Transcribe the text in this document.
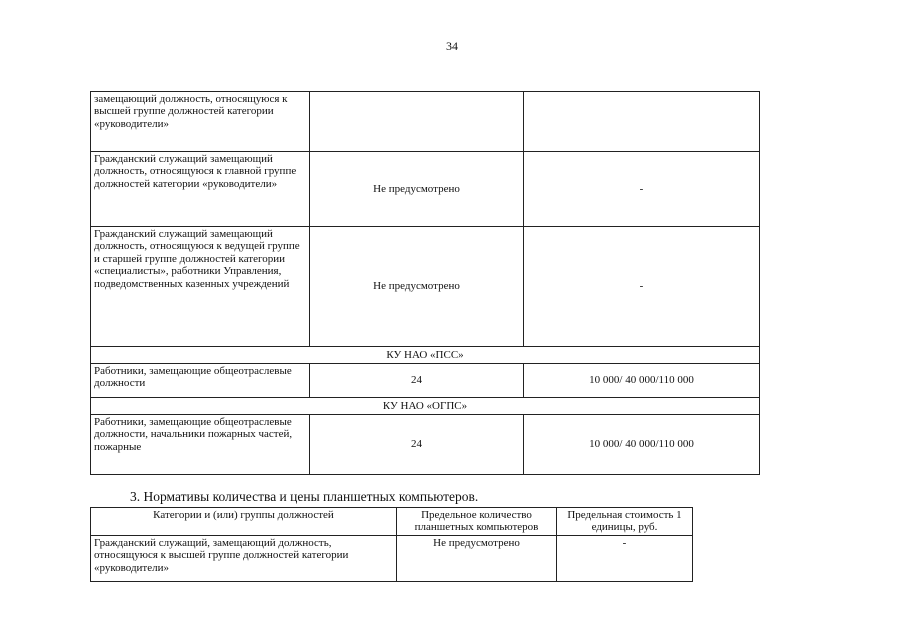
34
замещающий должность, относящуюся к высшей группе должностей категории «руководители»		
Гражданский служащий замещающий должность, относящуюся к главной группе должностей категории «руководители»	Не предусмотрено	-
Гражданский служащий замещающий должность, относящуюся к ведущей группе и старшей группе должностей категории «специалисты», работники Управления, подведомственных казенных учреждений	Не предусмотрено	-
КУ НАО «ПСС»		
Работники, замещающие общеотраслевые должности	24	10 000/ 40 000/110 000
КУ НАО «ОГПС»		
Работники, замещающие общеотраслевые должности, начальники пожарных частей, пожарные	24	10 000/ 40 000/110 000
3. Нормативы количества и цены планшетных компьютеров.
Категории и (или) группы должностей	Предельное количество планшетных компьютеров	Предельная стоимость 1 единицы, руб.
Гражданский служащий, замещающий должность, относящуюся к высшей группе должностей категории «руководители»	Не предусмотрено	-
